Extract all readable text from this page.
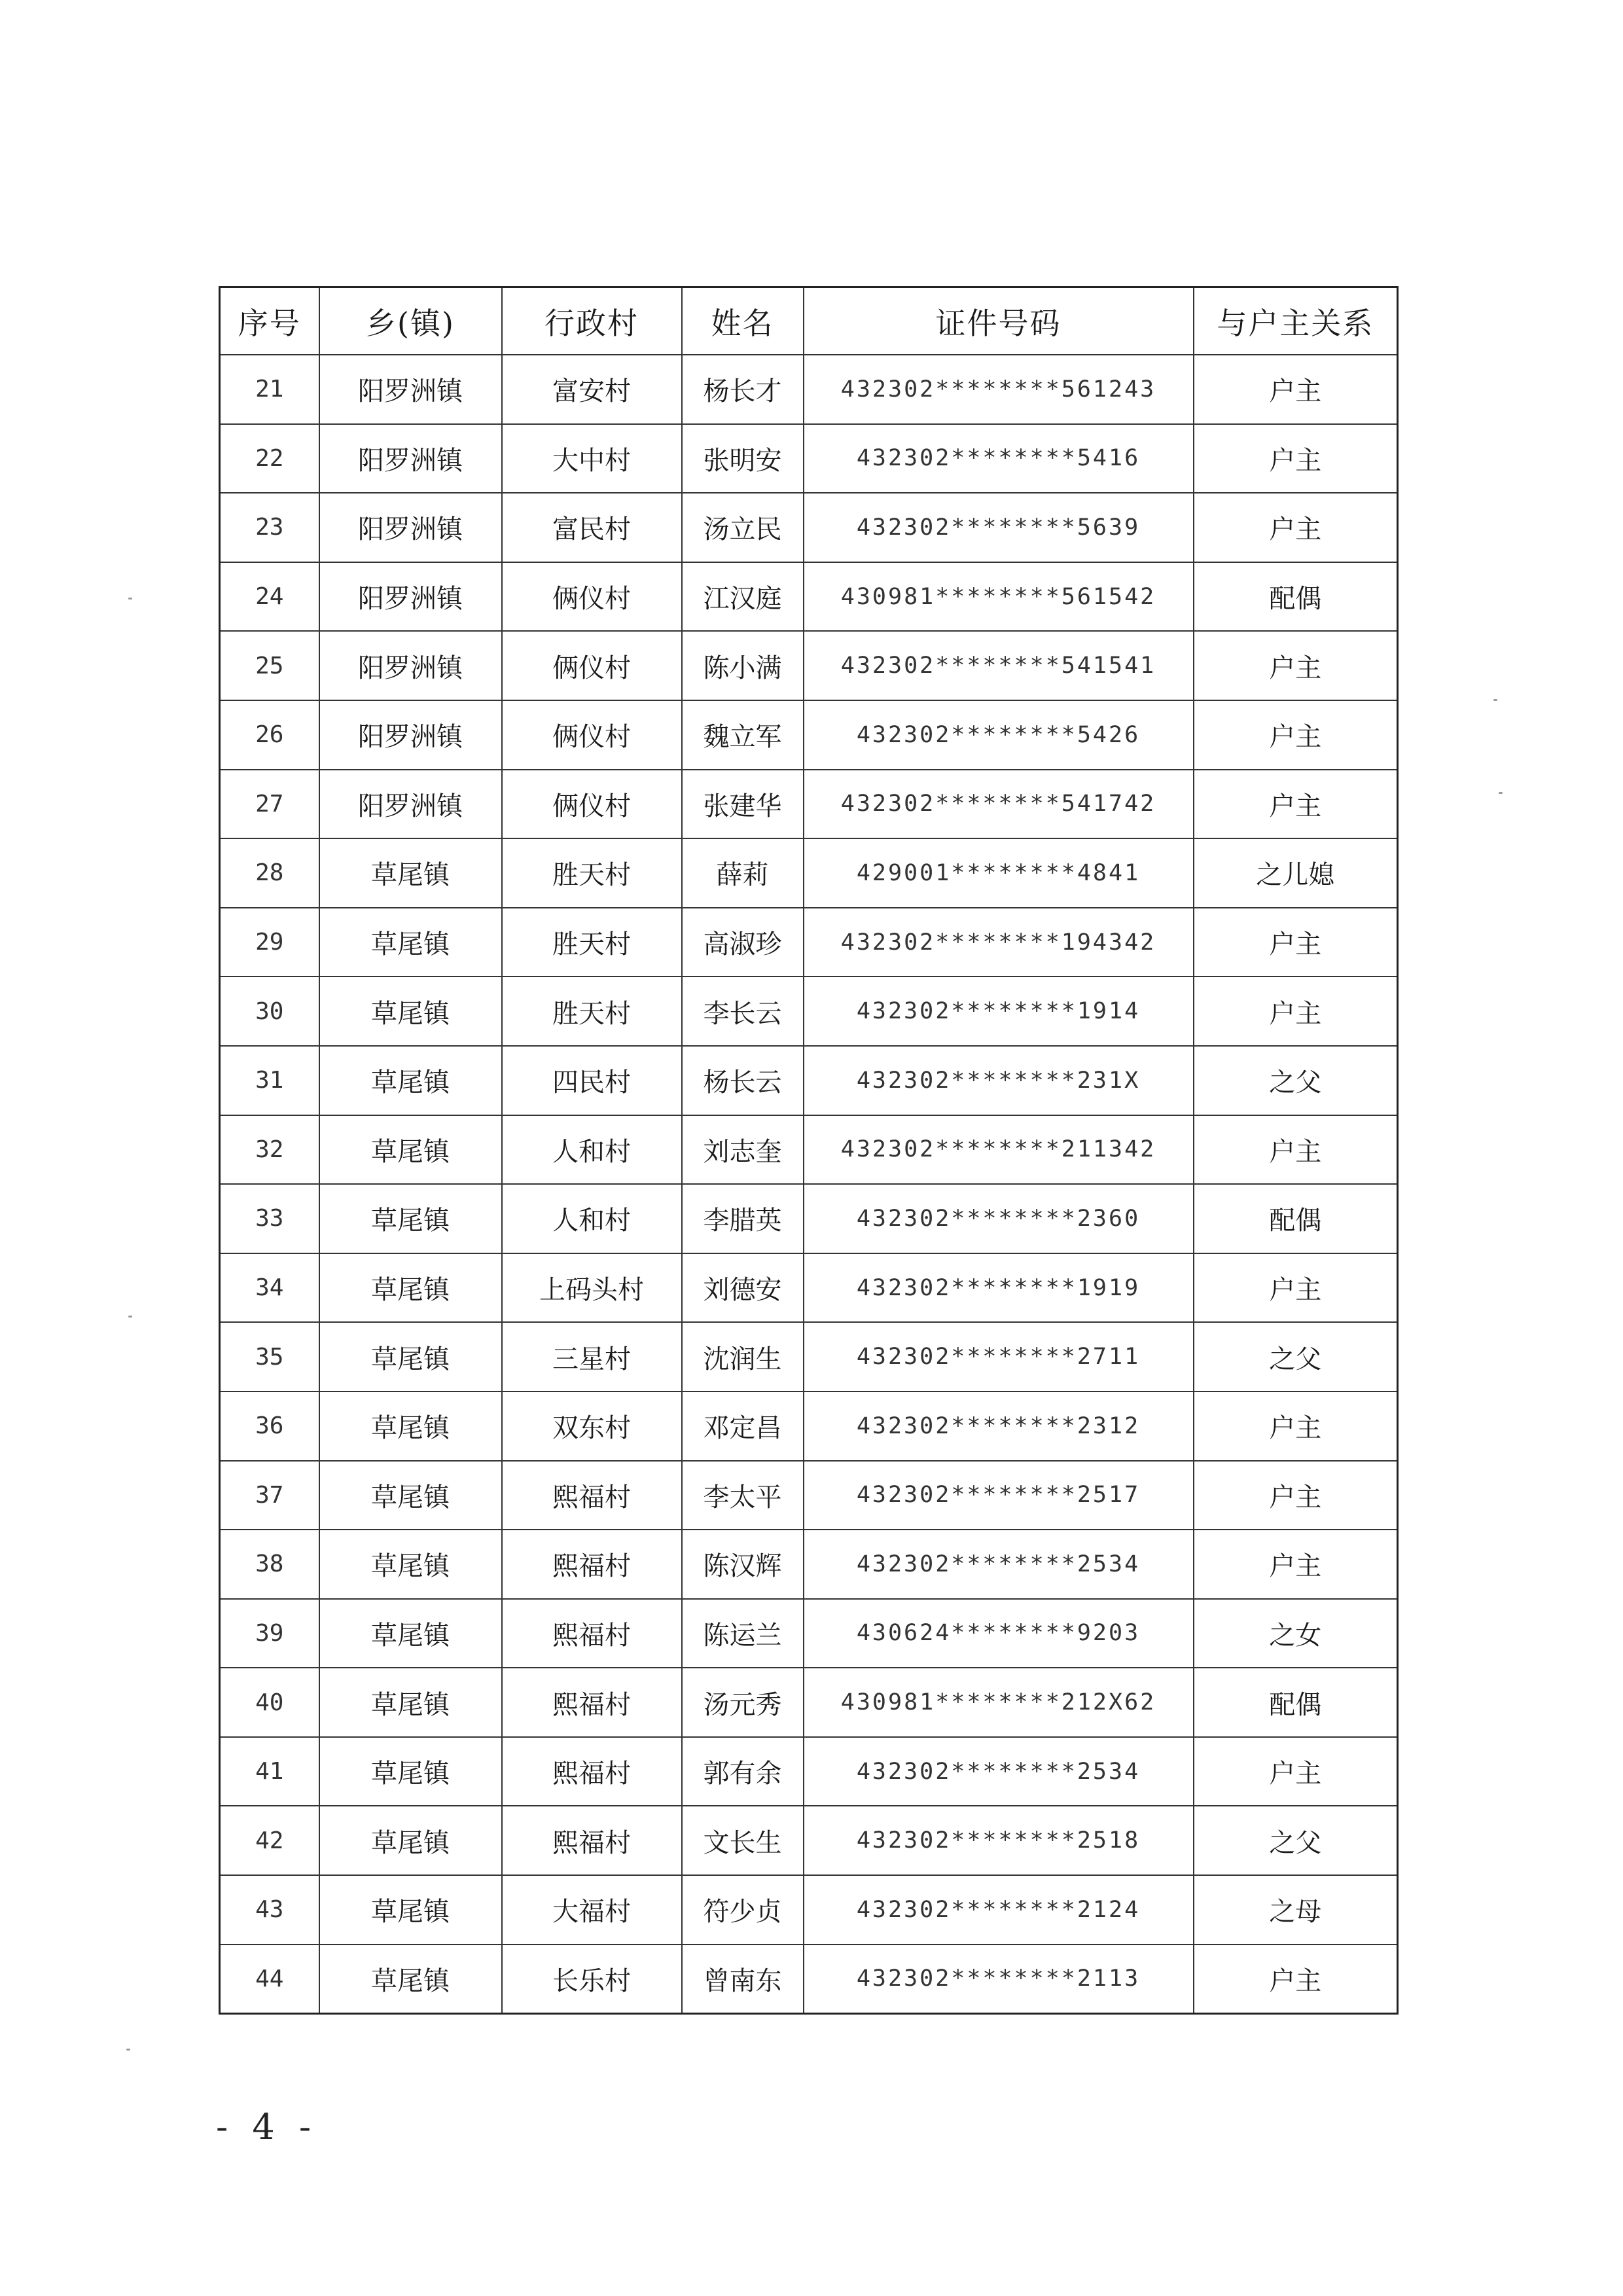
序号	乡(镇)	行政村	姓名	证件号码	与户主关系
21	阳罗洲镇	富安村	杨长才	432302********561243	户主
22	阳罗洲镇	大中村	张明安	432302********5416	户主
23	阳罗洲镇	富民村	汤立民	432302********5639	户主
24	阳罗洲镇	俩仪村	江汉庭	430981********561542	配偶
25	阳罗洲镇	俩仪村	陈小满	432302********541541	户主
26	阳罗洲镇	俩仪村	魏立军	432302********5426	户主
27	阳罗洲镇	俩仪村	张建华	432302********541742	户主
28	草尾镇	胜天村	薛莉	429001********4841	之儿媳
29	草尾镇	胜天村	高淑珍	432302********194342	户主
30	草尾镇	胜天村	李长云	432302********1914	户主
31	草尾镇	四民村	杨长云	432302********231X	之父
32	草尾镇	人和村	刘志奎	432302********211342	户主
33	草尾镇	人和村	李腊英	432302********2360	配偶
34	草尾镇	上码头村	刘德安	432302********1919	户主
35	草尾镇	三星村	沈润生	432302********2711	之父
36	草尾镇	双东村	邓定昌	432302********2312	户主
37	草尾镇	熙福村	李太平	432302********2517	户主
38	草尾镇	熙福村	陈汉辉	432302********2534	户主
39	草尾镇	熙福村	陈运兰	430624********9203	之女
40	草尾镇	熙福村	汤元秀	430981********212X62	配偶
41	草尾镇	熙福村	郭有余	432302********2534	户主
42	草尾镇	熙福村	文长生	432302********2518	之父
43	草尾镇	大福村	符少贞	432302********2124	之母
44	草尾镇	长乐村	曾南东	432302********2113	户主
- 4 -
